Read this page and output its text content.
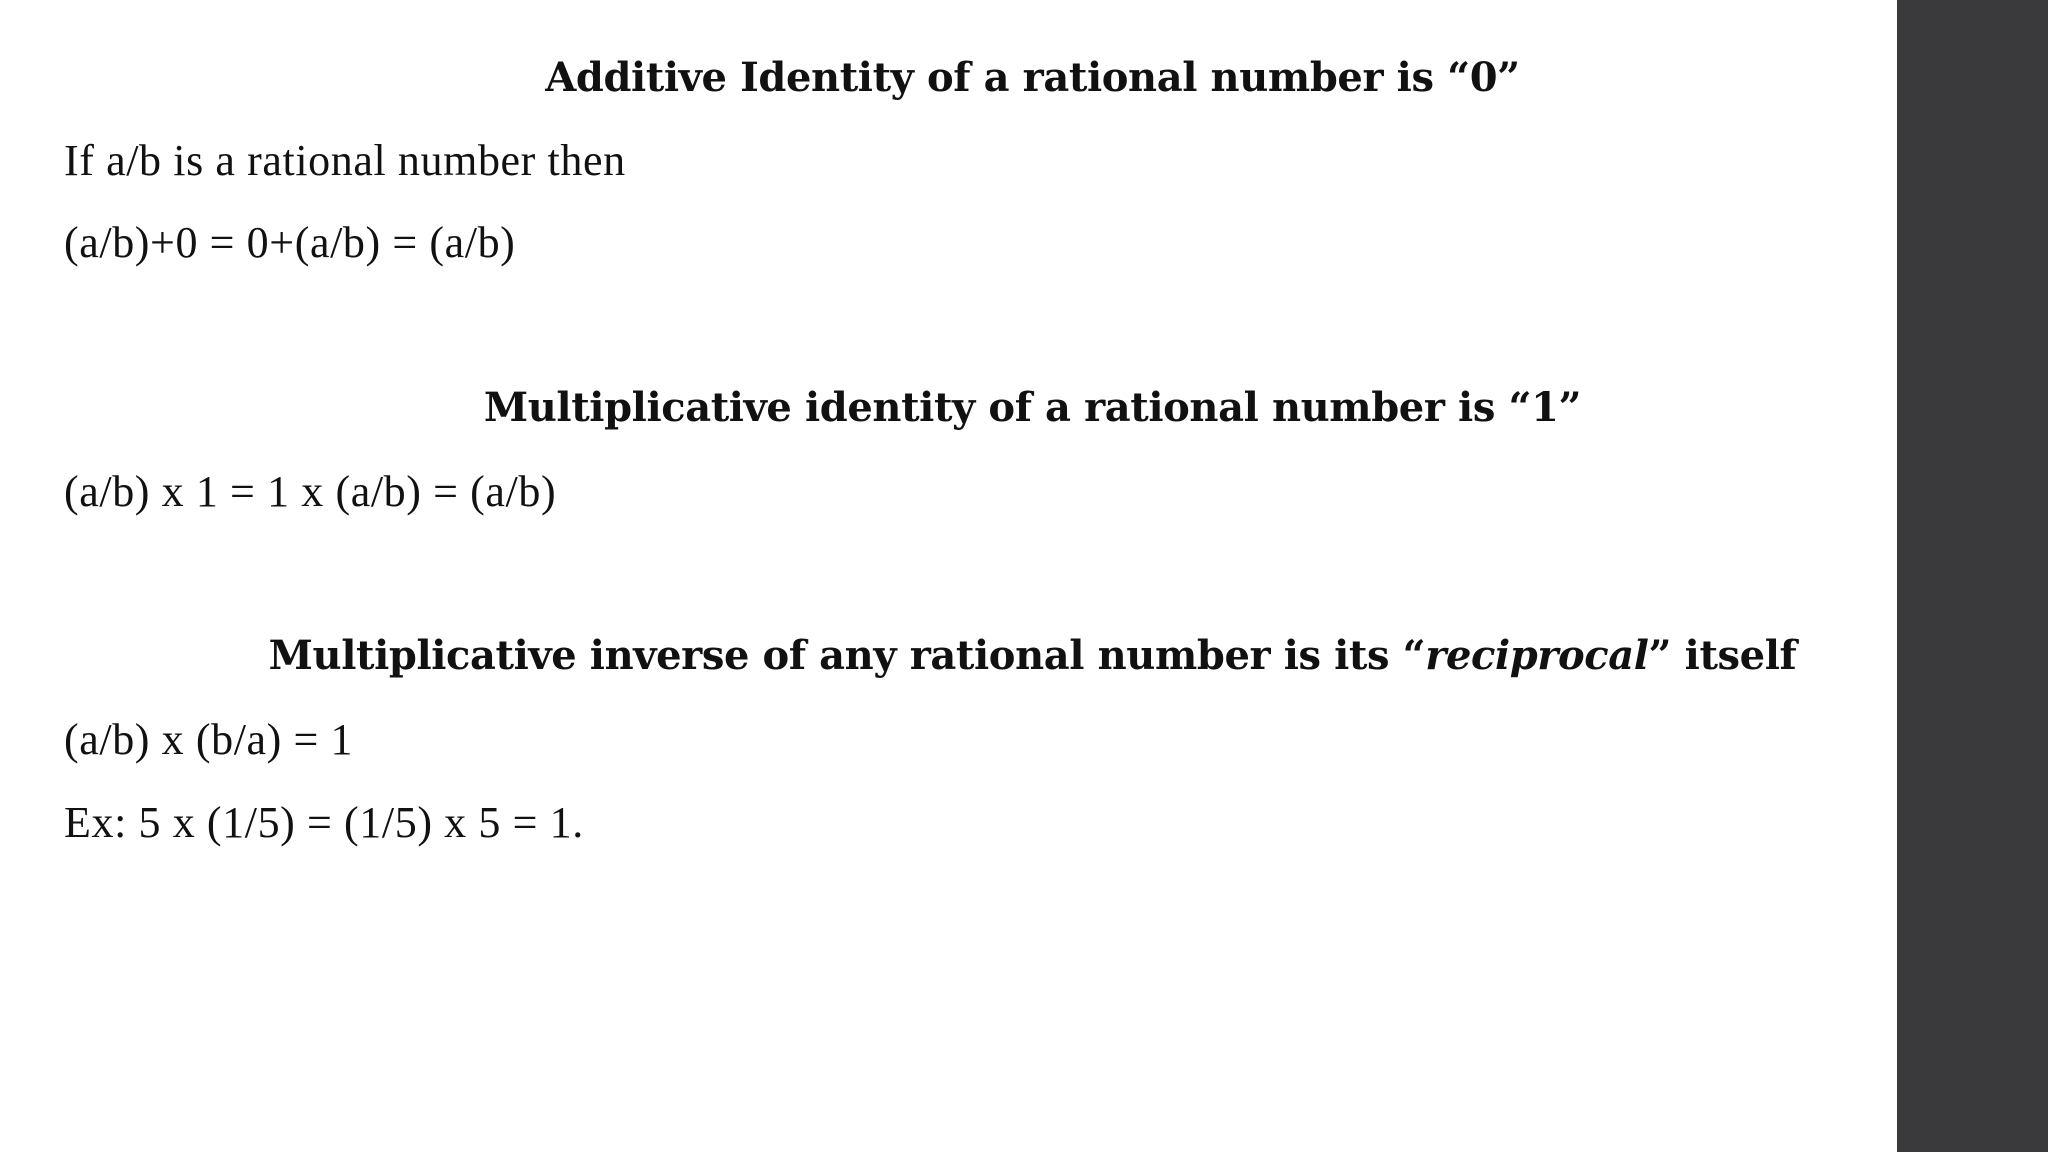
Additive Identity of a rational number is “0”
If a/b is a rational number then
(a/b)+0 = 0+(a/b) = (a/b)
Multiplicative identity of a rational number is “1”
(a/b) x 1 = 1 x (a/b) = (a/b)
Multiplicative inverse of any rational number is its “reciprocal” itself
(a/b) x (b/a) = 1
Ex: 5 x (1/5) = (1/5) x 5 = 1.
